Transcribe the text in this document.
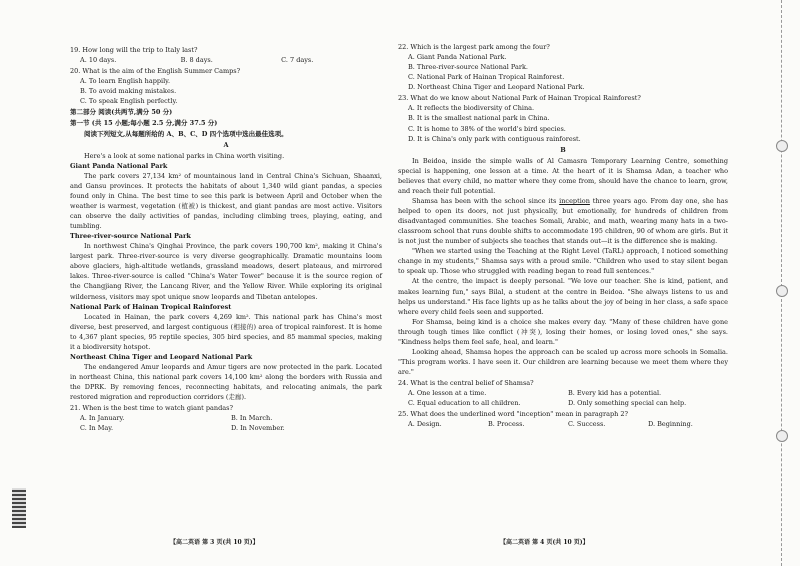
19. How long will the trip to Italy last?
A. 10 days.	B. 8 days.	C. 7 days.
20. What is the aim of the English Summer Camps?
A. To learn English happily.
B. To avoid making mistakes.
C. To speak English perfectly.
第二部分 阅读(共两节,满分 50 分)
第一节 (共 15 小题;每小题 2.5 分,满分 37.5 分)
阅读下列短文,从每题所给的 A、B、C、D 四个选项中选出最佳选项。
A
Here's a look at some national parks in China worth visiting.
Giant Panda National Park
The park covers 27,134 km² of mountainous land in Central China's Sichuan, Shaanxi, and Gansu provinces. It protects the habitats of about 1,340 wild giant pandas, a species found only in China. The best time to see this park is between April and October when the weather is warmest, vegetation (植被) is thickest, and giant pandas are most active. Visitors can observe the daily activities of pandas, including climbing trees, playing, eating, and tumbling.
Three-river-source National Park
In northwest China's Qinghai Province, the park covers 190,700 km², making it China's largest park. Three-river-source is very diverse geographically. Dramatic mountains loom above glaciers, high-altitude wetlands, grassland meadows, desert plateaus, and mirrored lakes. Three-river-source is called "China's Water Tower" because it is the source region of the Changjiang River, the Lancang River, and the Yellow River. While exploring its original wilderness, visitors may spot unique snow leopards and Tibetan antelopes.
National Park of Hainan Tropical Rainforest
Located in Hainan, the park covers 4,269 km². This national park has China's most diverse, best preserved, and largest contiguous (相接的) area of tropical rainforest. It is home to 4,367 plant species, 95 reptile species, 305 bird species, and 85 mammal species, making it a biodiversity hotspot.
Northeast China Tiger and Leopard National Park
The endangered Amur leopards and Amur tigers are now protected in the park. Located in northeast China, this national park covers 14,100 km² along the borders with Russia and the DPRK. By removing fences, reconnecting habitats, and relocating animals, the park restored migration and reproduction corridors (走廊).
21. When is the best time to watch giant pandas?
A. In January.	B. In March.
C. In May.	D. In November.
22. Which is the largest park among the four?
A. Giant Panda National Park.
B. Three-river-source National Park.
C. National Park of Hainan Tropical Rainforest.
D. Northeast China Tiger and Leopard National Park.
23. What do we know about National Park of Hainan Tropical Rainforest?
A. It reflects the biodiversity of China.
B. It is the smallest national park in China.
C. It is home to 38% of the world's bird species.
D. It is China's only park with contiguous rainforest.
B
In Beidoa, inside the simple walls of Al Camasra Temporary Learning Centre, something special is happening, one lesson at a time. At the heart of it is Shamsa Adan, a teacher who believes that every child, no matter where they come from, should have the chance to learn, grow, and reach their full potential.
Shamsa has been with the school since its inception three years ago. From day one, she has helped to open its doors, not just physically, but emotionally, for hundreds of children from disadvantaged communities. She teaches Somali, Arabic, and math, wearing many hats in a two-classroom school that runs double shifts to accommodate 195 children, 90 of whom are girls. But it is not just the number of subjects she teaches that stands out—it is the difference she is making.
"When we started using the Teaching at the Right Level (TaRL) approach, I noticed something change in my students," Shamsa says with a proud smile. "Children who used to stay silent began to speak up. Those who struggled with reading began to read full sentences."
At the centre, the impact is deeply personal. "We love our teacher. She is kind, patient, and makes learning fun," says Bilal, a student at the centre in Beidoa. "She always listens to us and helps us understand." His face lights up as he talks about the joy of being in her class, a safe space where every child feels seen and supported.
For Shamsa, being kind is a choice she makes every day. "Many of these children have gone through tough times like conflict (冲突), losing their homes, or losing loved ones," she says. "Kindness helps them feel safe, heal, and learn."
Looking ahead, Shamsa hopes the approach can be scaled up across more schools in Somalia. "This program works. I have seen it. Our children are learning because we meet them where they are."
24. What is the central belief of Shamsa?
A. One lesson at a time.	B. Every kid has a potential.
C. Equal education to all children.	D. Only something special can help.
25. What does the underlined word "inception" mean in paragraph 2?
A. Design.	B. Process.	C. Success.	D. Beginning.
【高二英语 第 3 页(共 10 页)】	【高二英语 第 4 页(共 10 页)】
